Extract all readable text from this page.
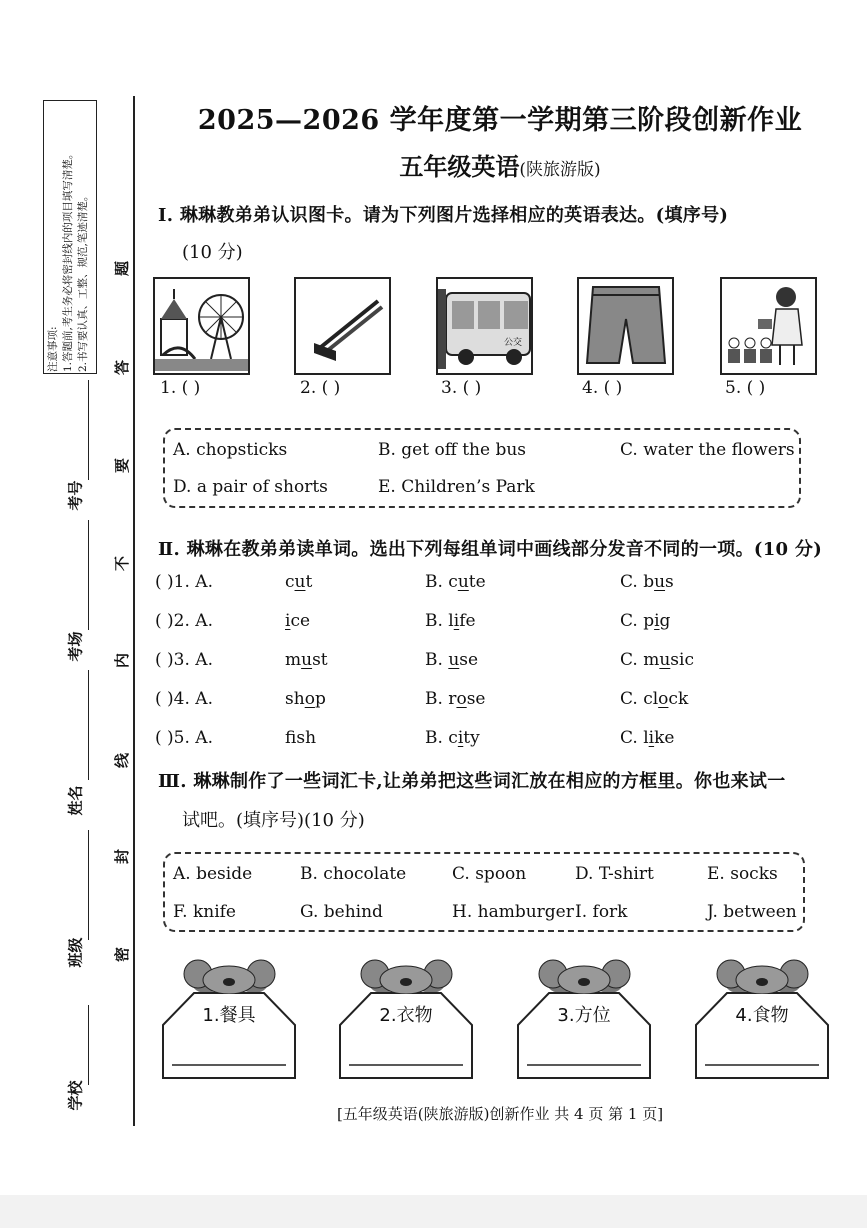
注意事项: 1.答题前,考生务必将密封线内的项目填写清楚。 2.书写要认真、工整、规范,笔迹清楚。
学校
班级
姓名
考场
考号
密
封
线
内
不
要
答
题
2025—2026 学年度第一学期第三阶段创新作业
五年级英语(陕旅游版)
Ⅰ. 琳琳教弟弟认识图卡。请为下列图片选择相应的英语表达。(填序号)
(10 分)
公交
1. ( )	2. ( )	3. ( )	4. ( )	5. ( )
A. chopsticks	B. get off the bus	C. water the flowers
D. a pair of shorts	E. Children’s Park
Ⅱ. 琳琳在教弟弟读单词。选出下列每组单词中画线部分发音不同的一项。(10 分)
( )1. A.	cut	B. cute	C. bus
( )2. A.	ice	B. life	C. pig
( )3. A.	must	B. use	C. music
( )4. A.	shop	B. rose	C. clock
( )5. A.	fsh	B. city	C. like
Ⅲ. 琳琳制作了一些词汇卡,让弟弟把这些词汇放在相应的方框里。你也来试一
试吧。(填序号)(10 分)
A. beside	B. chocolate	C. spoon	D. T-shirt	E. socks
F. knife	G. behind	H. hamburger I. fork	J. between
1.餐具	2.衣物	3.方位	4.食物
[五年级英语(陕旅游版)创新作业 共 4 页 第 1 页]
